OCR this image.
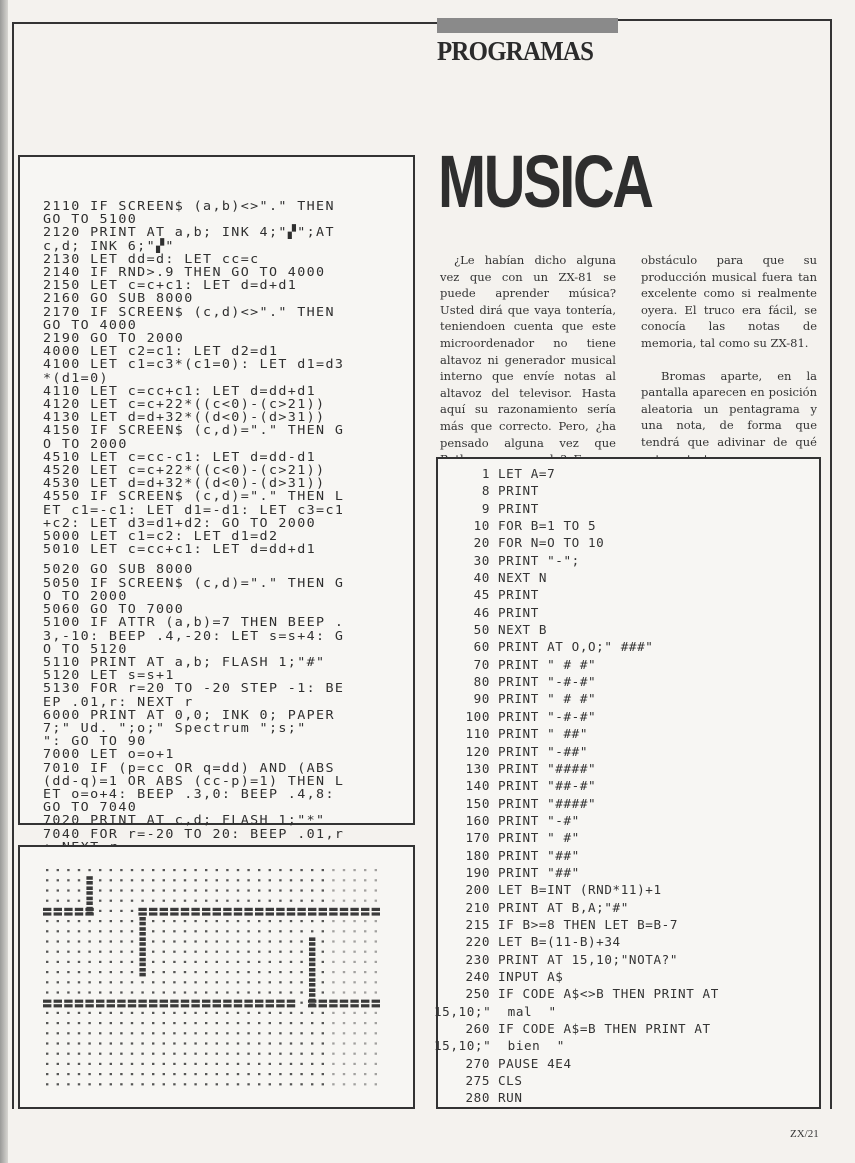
PROGRAMAS
MUSICA

¿Le habían dicho alguna vez que con un ZX-81 se puede aprender música? Usted dirá que vaya tontería, teniendoen cuenta que este microordenador no tiene altavoz ni generador musical interno que envíe notas al altavoz del televisor. Hasta aquí su razonamiento sería más que correcto. Pero, ¿ha pensado alguna vez que

obstáculo para que su producción musical fuera tan excelente como si realmente oyera. El truco era fácil, se conocía las notas de memoria, tal como su ZX-81.

Bromas aparte, en la pantalla aparecen en posición aleatoria un pentagrama y una nota, de forma que tendrá que adivinar de qué

2110 IF SCREEN$ (a,b)<>"." THEN
GO TO 5100
2120 PRINT AT a,b; INK 4;"▞";AT
c,d; INK 6;"▞"
2130 LET dd=d: LET cc=c
2140 IF RND>.9 THEN GO TO 4000
2150 LET c=c+c1: LET d=d+d1
2160 GO SUB 8000
2170 IF SCREEN$ (c,d)<>"." THEN
GO TO 4000
2190 GO TO 2000
4000 LET c2=c1: LET d2=d1
4100 LET c1=c3*(c1=0): LET d1=d3
*(d1=0)
4110 LET c=cc+c1: LET d=dd+d1
4120 LET c=c+22*((c<0)-(c>21))
4130 LET d=d+32*((d<0)-(d>31))
4150 IF SCREEN$ (c,d)="." THEN G
O TO 2000
4510 LET c=cc-c1: LET d=dd-d1
4520 LET c=c+22*((c<0)-(c>21))
4530 LET d=d+32*((d<0)-(d>31))
4550 IF SCREEN$ (c,d)="." THEN L
ET c1=-c1: LET d1=-d1: LET c3=c1
+c2: LET d3=d1+d2: GO TO 2000
5000 LET c1=c2: LET d1=d2
5010 LET c=cc+c1: LET d=dd+d1
5020 GO SUB 8000
5050 IF SCREEN$ (c,d)="." THEN G
O TO 2000
5060 GO TO 7000
5100 IF ATTR (a,b)=7 THEN BEEP .
3,-10: BEEP .4,-20: LET s=s+4: G
O TO 5120
5110 PRINT AT a,b; FLASH 1;"#"
5120 LET s=s+1
5130 FOR r=20 TO -20 STEP -1: BE
EP .01,r: NEXT r
6000 PRINT AT 0,0; INK 0; PAPER
7;" Ud. ";o;" Spectrum ";s;"
": GO TO 90
7000 LET o=o+1
7010 IF (p=cc OR q=dd) AND (ABS
(dd-q)=1 OR ABS (cc-p)=1) THEN L
ET o=o+4: BEEP .3,0: BEEP .4,8:
GO TO 7040
7020 PRINT AT c,d; FLASH 1;"*"
7040 FOR r=-20 TO 20: BEEP .01,r
1 LET A=7
8 PRINT
9 PRINT
10 FOR B=1 TO 5
20 FOR N=O TO 10
30 PRINT "-";
40 NEXT N
45 PRINT
46 PRINT
50 NEXT B
60 PRINT AT O,O;" ###"
70 PRINT " # #"
80 PRINT "-#-#"
90 PRINT " # #"
100 PRINT "-#-#"
110 PRINT " ##"
120 PRINT "-##"
130 PRINT "####"
140 PRINT "##-#"
150 PRINT "####"
160 PRINT "-#"
170 PRINT " #"
180 PRINT "##"
190 PRINT "##"
200 LET B=INT (RND*11)+1
210 PRINT AT B,A;"#"
215 IF B>=8 THEN LET B=B-7
220 LET B=(11-B)+34
230 PRINT AT 15,10;"NOTA?"
240 INPUT A$
250 IF CODE A$<>B THEN PRINT AT
15,10;"  mal  "
260 IF CODE A$=B THEN PRINT AT
15,10;"  bien  "
270 PAUSE 4E4
275 CLS
280 RUN
ZX/21
